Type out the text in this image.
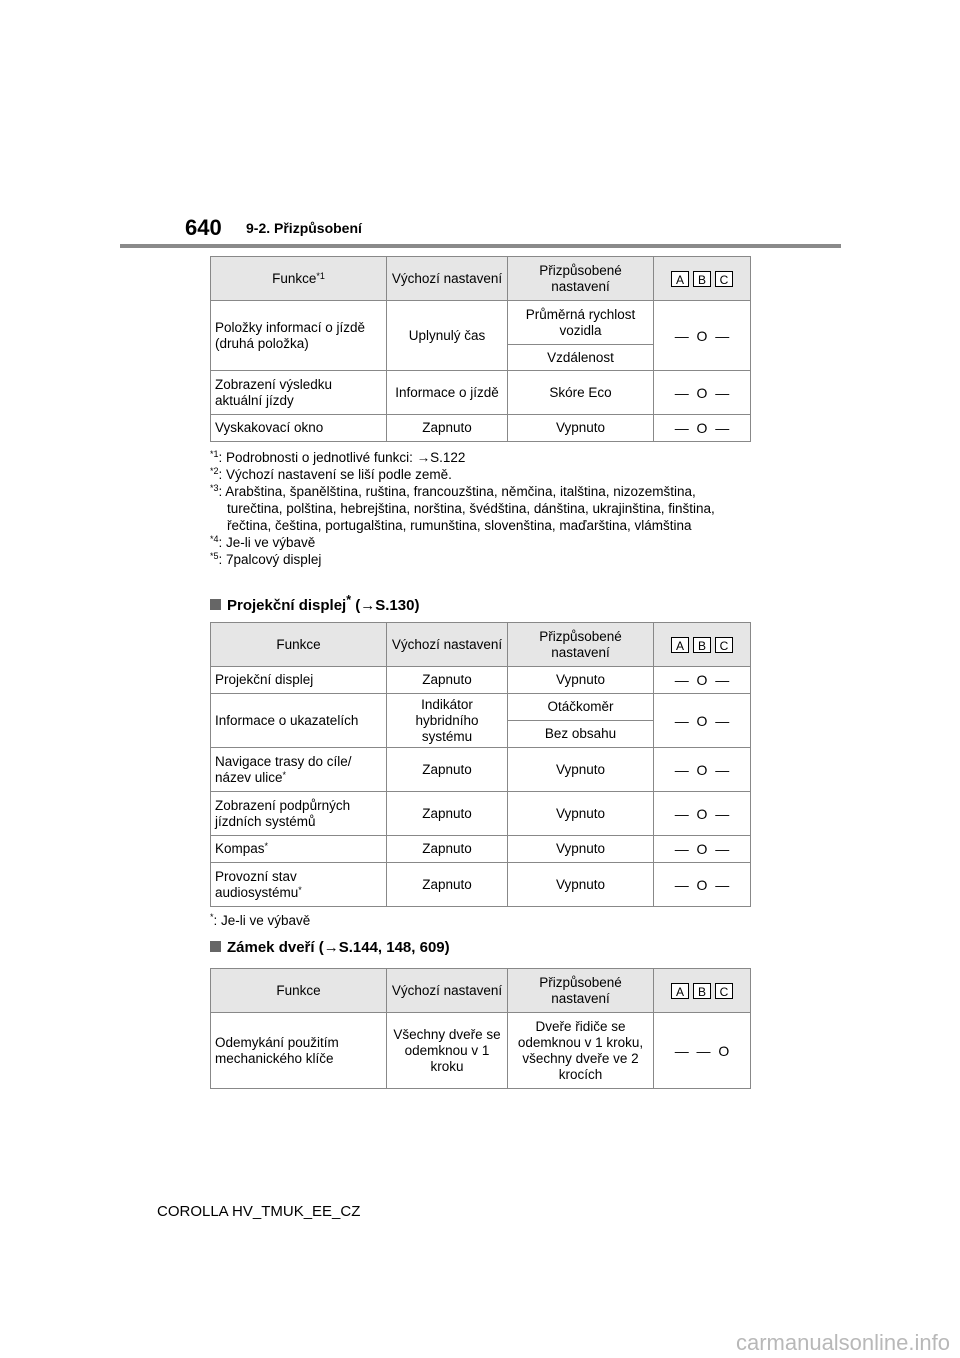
640 9-2. Přizpůsobení
Funkce$^{*1}$	Výchozí nastavení	Přizpůsobené nastavení	A B C

Položky informací o jízdě (druhá položka)	Uplynulý čas	Průměrná rychlost vozidla	— O —
		Vzdálenost	
Zobrazení výsledku aktuální jízdy	Informace o jízdě	Skóre Eco	— O —
Vyskakovací okno	Zapnuto	Vypnuto	— O —
$^{*1}$: Podrobnosti o jednotlivé funkci: →S.122
$^{*2}$: Výchozí nastavení se liší podle země.
$^{*3}$: Arabština, španělština, ruština, francouzština, němčina, italština, nizozemština,
turečtina, polština, hebrejština, norština, švédština, dánština, ukrajinština, finština,
řečtina, čeština, portugalština, rumunština, slovenština, maďarština, vlámština
$^{*4}$: Je-li ve výbavě
$^{*5}$: 7palcový displej
Projekční displej* (→S.130)
Funkce	Výchozí nastavení	Přizpůsobené nastavení	A B C

Projekční displej	Zapnuto	Vypnuto	— O —
Informace o ukazatelích	Indikátor hybridního systému	Otáčkoměr	— O —
		Bez obsahu	
Navigace trasy do cíle/ název ulice*	Zapnuto	Vypnuto	— O —
Zobrazení podpůrných jízdních systémů	Zapnuto	Vypnuto	— O —
Kompas*	Zapnuto	Vypnuto	— O —
Provozní stav audiosystému*	Zapnuto	Vypnuto	— O —
*: Je-li ve výbavě
Zámek dveří (→S.144, 148, 609)
Funkce	Výchozí nastavení	Přizpůsobené nastavení	A B C

Odemykání použitím mechanického klíče	Všechny dveře se odemknou v 1 kroku	Dveře řidiče se odemknou v 1 kroku, všechny dveře ve 2 krocích	— — O
COROLLA HV_TMUK_EE_CZ
carmanualsonline.info
